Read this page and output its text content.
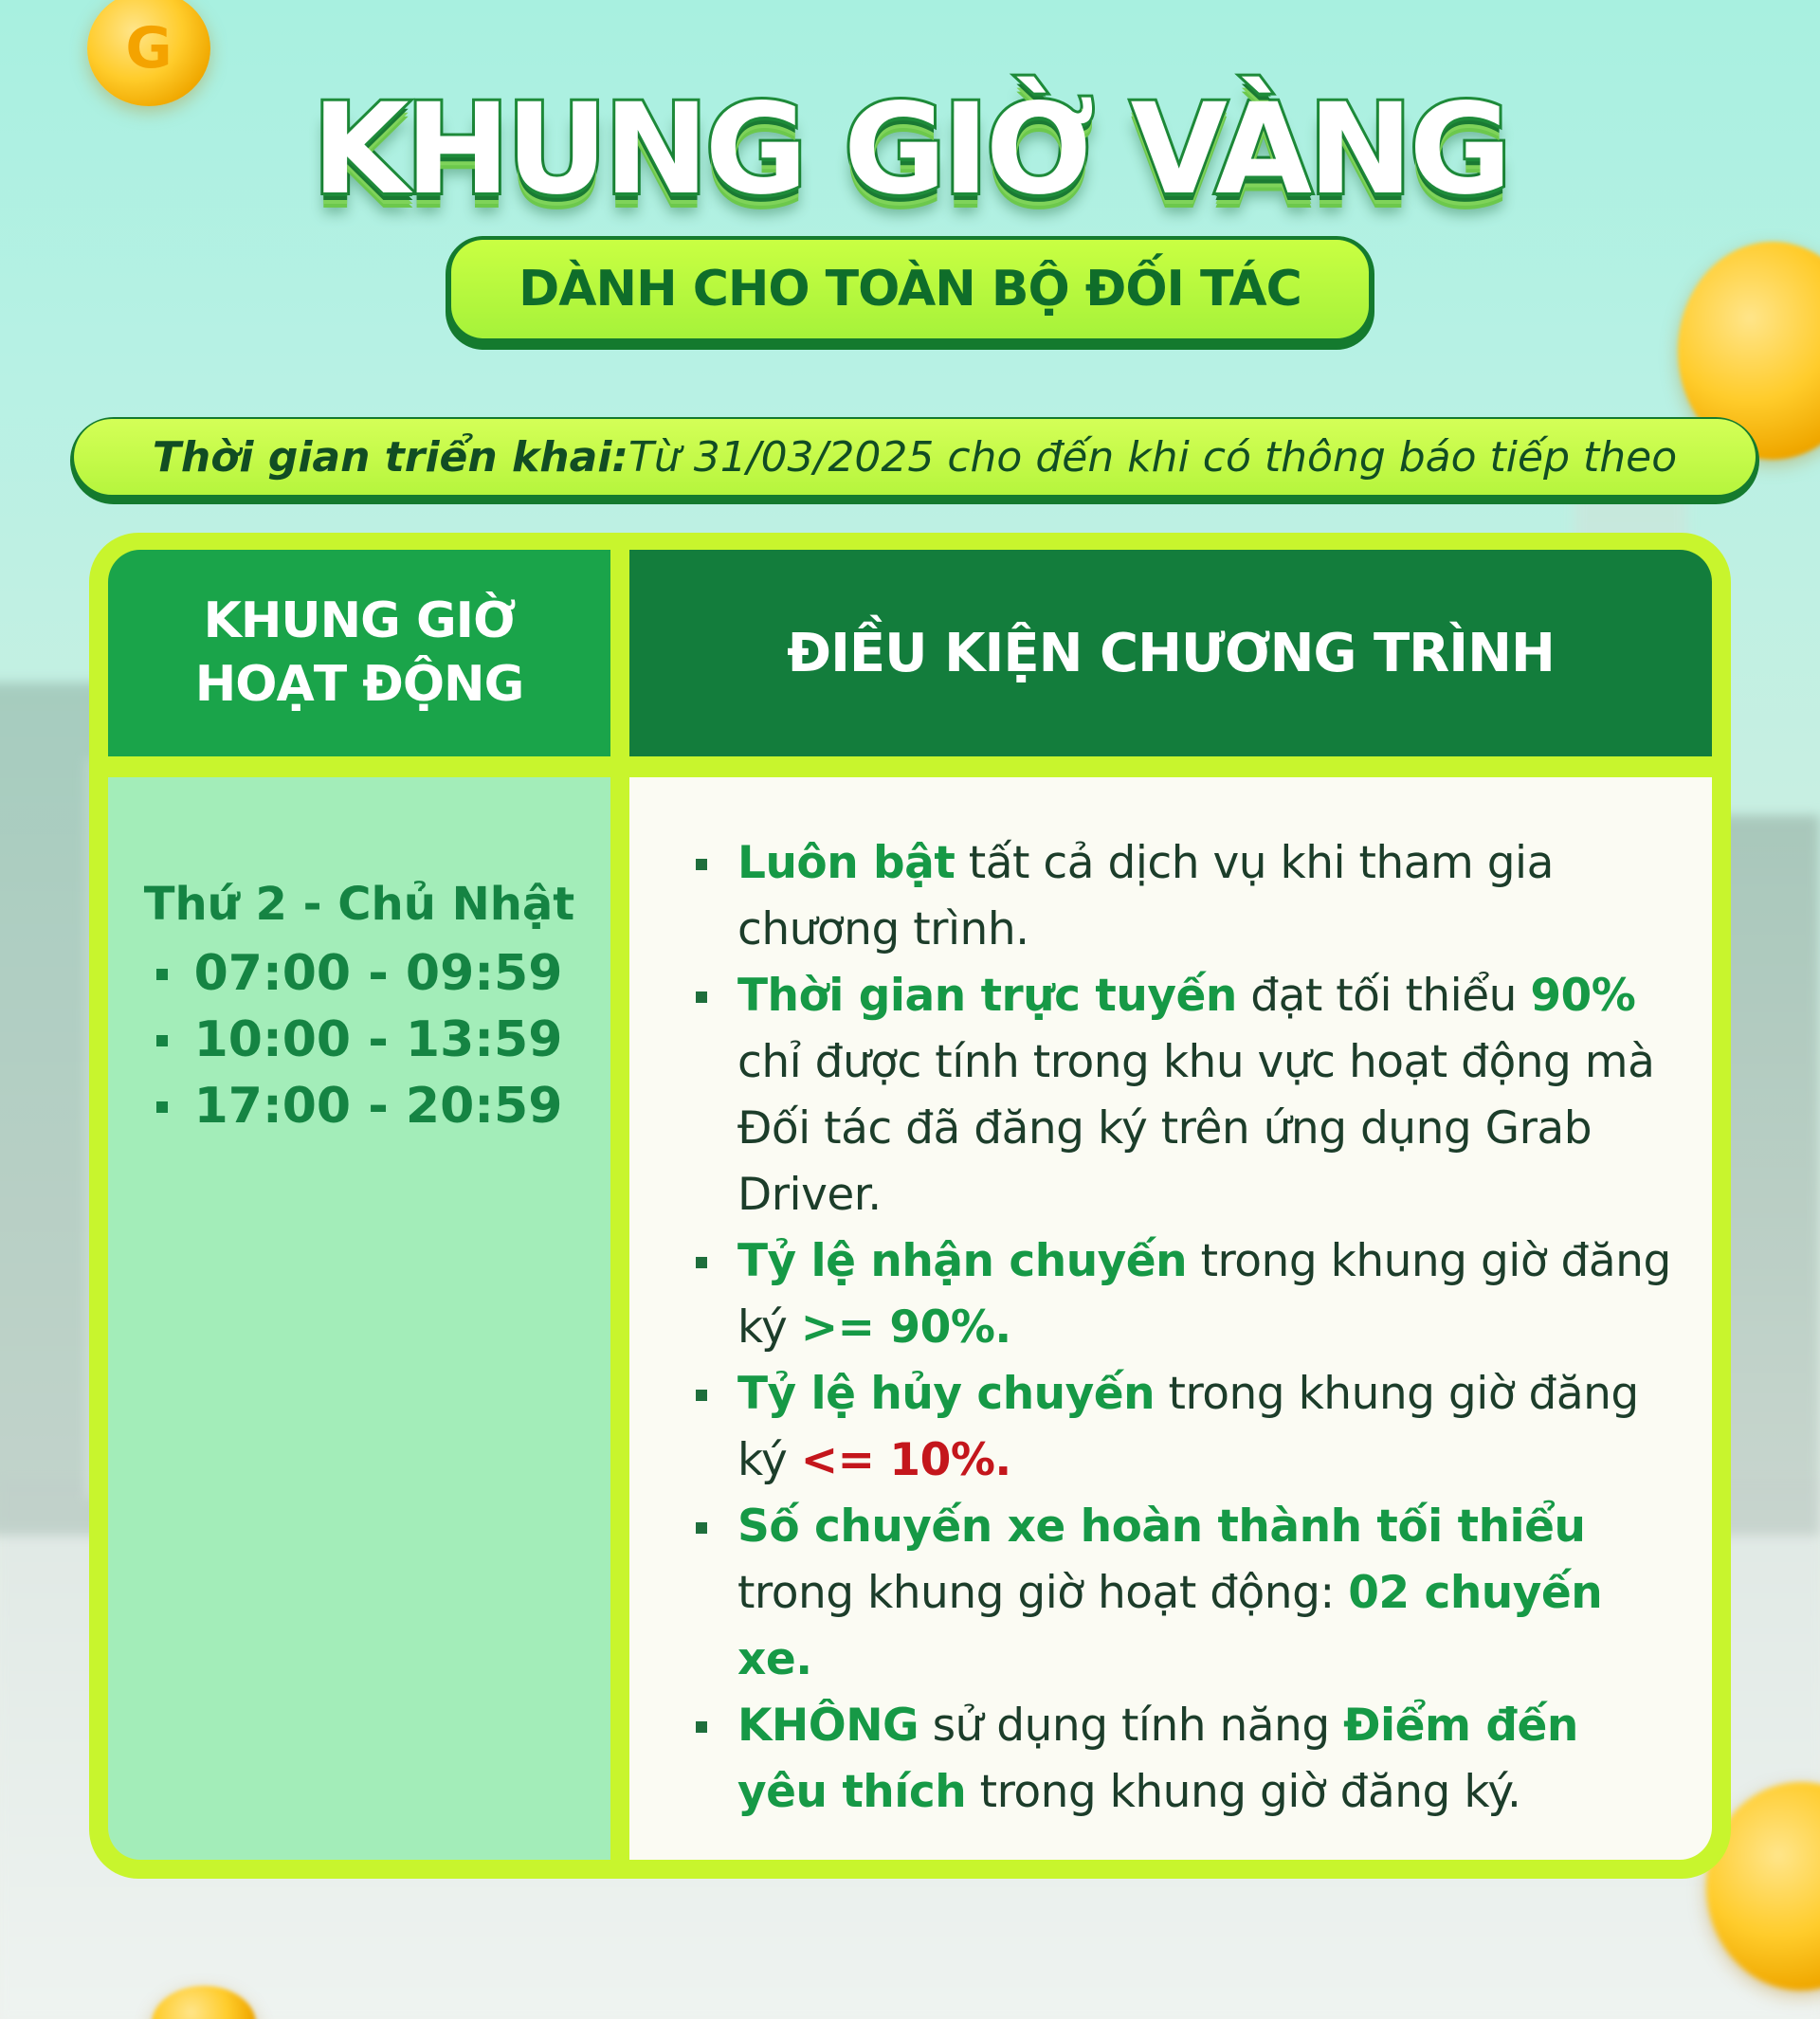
G
KHUNG GIỜ VÀNG
DÀNH CHO TOÀN BỘ ĐỐI TÁC
Thời gian triển khai: Từ 31/03/2025 cho đến khi có thông báo tiếp theo
KHUNG GIỜ
HOẠT ĐỘNG
ĐIỀU KIỆN CHƯƠNG TRÌNH
Thứ 2 - Chủ Nhật
07:00 - 09:59
10:00 - 13:59
17:00 - 20:59
Luôn bật tất cả dịch vụ khi tham gia chương trình.
Thời gian trực tuyến đạt tối thiểu 90% chỉ được tính trong khu vực hoạt động mà Đối tác đã đăng ký trên ứng dụng Grab Driver.
Tỷ lệ nhận chuyến trong khung giờ đăng ký >= 90%.
Tỷ lệ hủy chuyến trong khung giờ đăng ký <= 10%.
Số chuyến xe hoàn thành tối thiểu trong khung giờ hoạt động: 02 chuyến xe.
KHÔNG sử dụng tính năng Điểm đến yêu thích trong khung giờ đăng ký.
